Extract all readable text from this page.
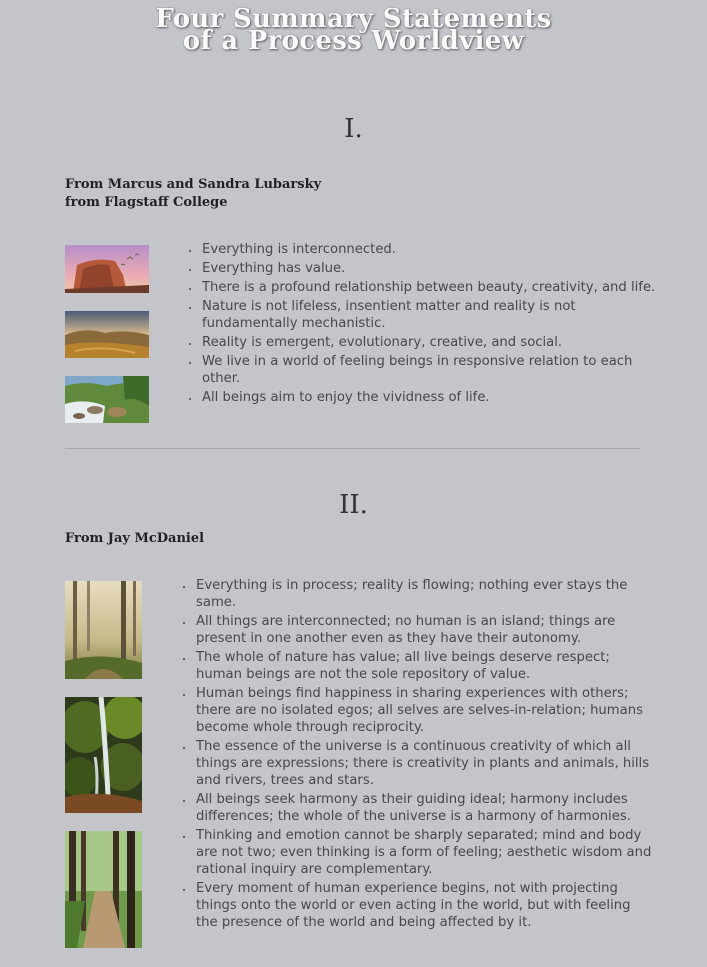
Four Summary Statements
of a Process Worldview
I.
From Marcus and Sandra Lubarsky
from Flagstaff College
• Everything is interconnected.
• Everything has value.
• There is a profound relationship between beauty, creativity, and life.
• Nature is not lifeless, insentient matter and reality is not fundamentally mechanistic.
• Reality is emergent, evolutionary, creative, and social.
• We live in a world of feeling beings in responsive relation to each other.
• All beings aim to enjoy the vividness of life.
II.
From Jay McDaniel
• Everything is in process; reality is flowing; nothing ever stays the same.
• All things are interconnected; no human is an island; things are present in one another even as they have their autonomy.
• The whole of nature has value; all live beings deserve respect; human beings are not the sole repository of value.
• Human beings find happiness in sharing experiences with others; there are no isolated egos; all selves are selves-in-relation; humans become whole through reciprocity.
• The essence of the universe is a continuous creativity of which all things are expressions; there is creativity in plants and animals, hills and rivers, trees and stars.
• All beings seek harmony as their guiding ideal; harmony includes differences; the whole of the universe is a harmony of harmonies.
• Thinking and emotion cannot be sharply separated; mind and body are not two; even thinking is a form of feeling; aesthetic wisdom and rational inquiry are complementary.
• Every moment of human experience begins, not with projecting things onto the world or even acting in the world, but with feeling the presence of the world and being affected by it.
